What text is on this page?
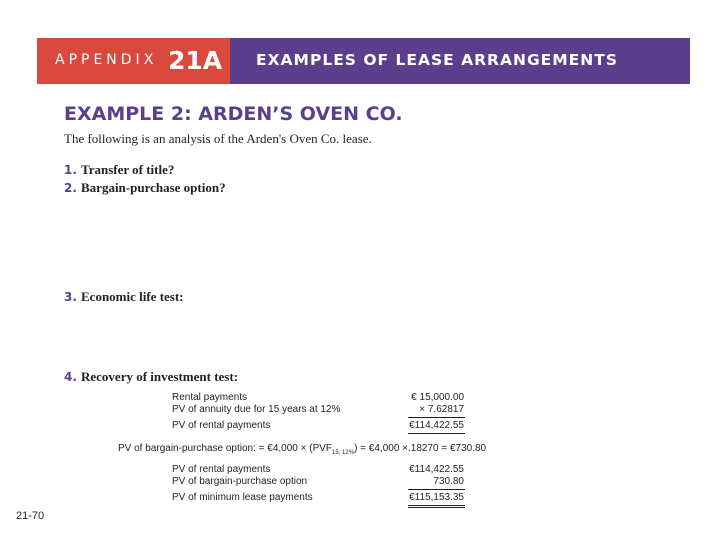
APPENDIX 21A EXAMPLES OF LEASE ARRANGEMENTS
EXAMPLE 2: ARDEN’S OVEN CO.
The following is an analysis of the Arden's Oven Co. lease.
1. Transfer of title?
2. Bargain-purchase option?
3. Economic life test:
4. Recovery of investment test:
Rental payments	€ 15,000.00
PV of annuity due for 15 years at 12%	× 7.62817
PV of rental payments	€114,422.55
PV of bargain-purchase option: = €4,000 × $(PVF_{15, 12\%})$ = €4,000 ×.18270 = €730.80
PV of rental payments	€114,422.55
PV of bargain-purchase option	730.80
PV of minimum lease payments	€115,153.35
21-70
